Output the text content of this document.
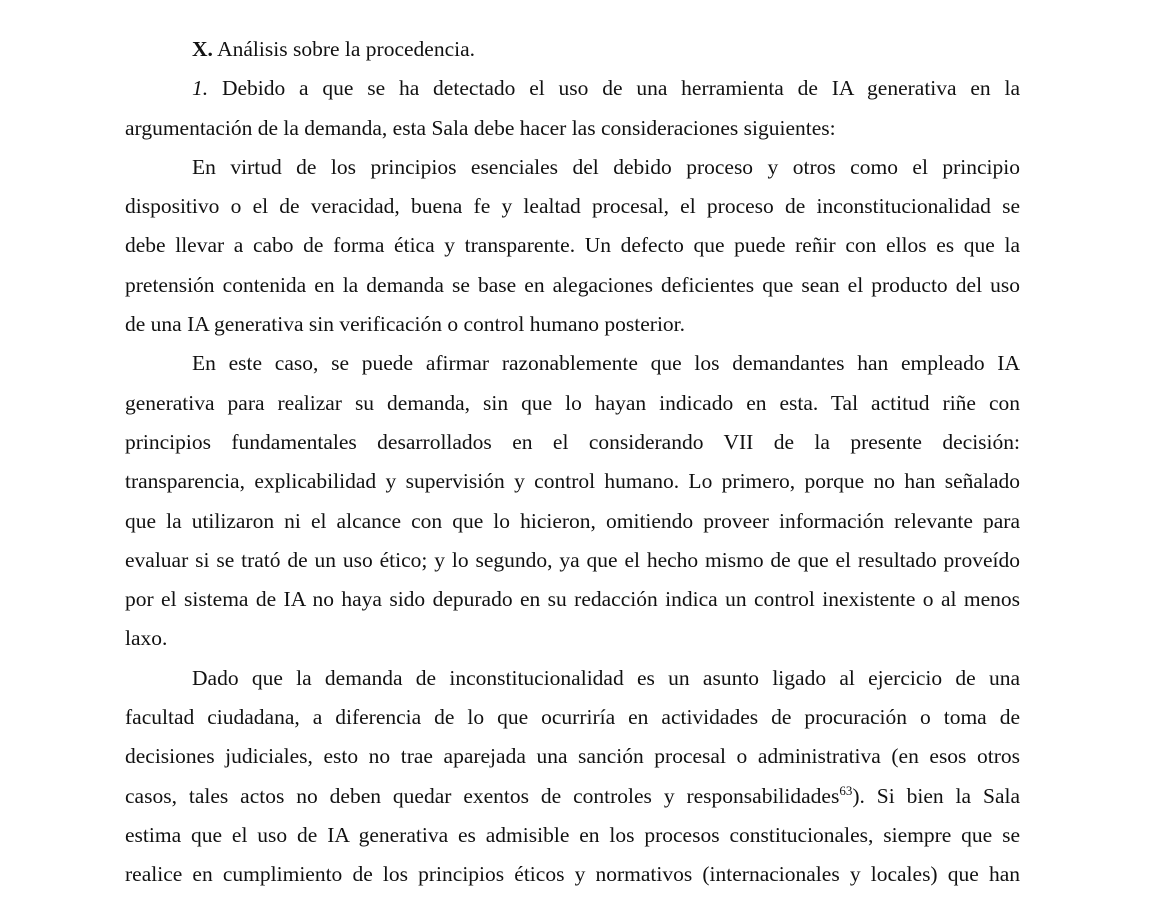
X. Análisis sobre la procedencia.
1. Debido a que se ha detectado el uso de una herramienta de IA generativa en la
argumentación de la demanda, esta Sala debe hacer las consideraciones siguientes:
En virtud de los principios esenciales del debido proceso y otros como el principio
dispositivo o el de veracidad, buena fe y lealtad procesal, el proceso de inconstitucionalidad se
debe llevar a cabo de forma ética y transparente. Un defecto que puede reñir con ellos es que la
pretensión contenida en la demanda se base en alegaciones deficientes que sean el producto del uso
de una IA generativa sin verificación o control humano posterior.
En este caso, se puede afirmar razonablemente que los demandantes han empleado IA
generativa para realizar su demanda, sin que lo hayan indicado en esta. Tal actitud riñe con
principios fundamentales desarrollados en el considerando VII de la presente decisión:
transparencia, explicabilidad y supervisión y control humano. Lo primero, porque no han señalado
que la utilizaron ni el alcance con que lo hicieron, omitiendo proveer información relevante para
evaluar si se trató de un uso ético; y lo segundo, ya que el hecho mismo de que el resultado proveído
por el sistema de IA no haya sido depurado en su redacción indica un control inexistente o al menos
laxo.
Dado que la demanda de inconstitucionalidad es un asunto ligado al ejercicio de una
facultad ciudadana, a diferencia de lo que ocurriría en actividades de procuración o toma de
decisiones judiciales, esto no trae aparejada una sanción procesal o administrativa (en esos otros
casos, tales actos no deben quedar exentos de controles y responsabilidades$^{63}$). Si bien la Sala
estima que el uso de IA generativa es admisible en los procesos constitucionales, siempre que se
realice en cumplimiento de los principios éticos y normativos (internacionales y locales) que han
